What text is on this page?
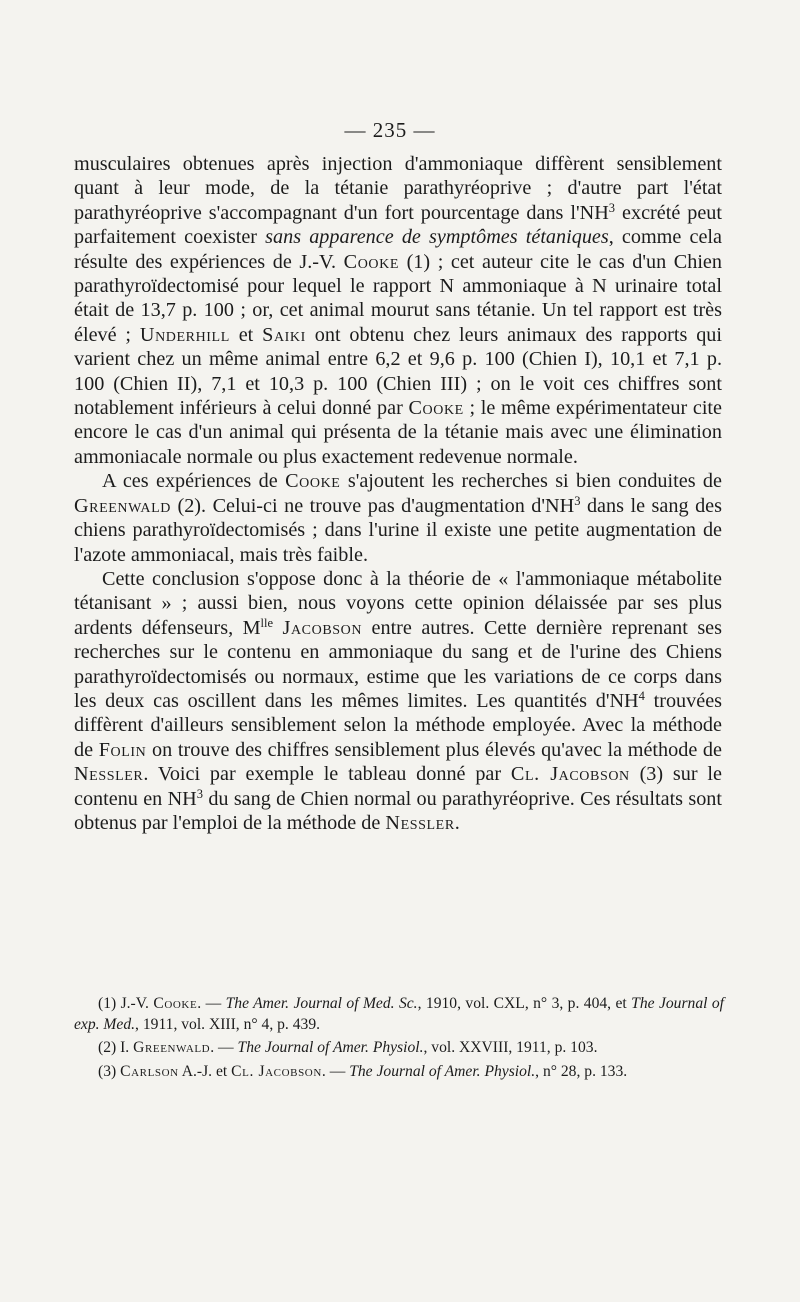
— 235 —

musculaires obtenues après injection d'ammoniaque diffèrent sensiblement quant à leur mode, de la tétanie parathyréoprive ; d'autre part l'état parathyréoprive s'accompagnant d'un fort pourcentage dans $l'NH^3$ excrété peut parfaitement coexister sans apparence de symptômes tétaniques, comme cela résulte des expériences de J.-V. Cooke (1) ; cet auteur cite le cas d'un Chien parathyroïdectomisé pour lequel le rapport N ammoniaque à N urinaire total était de 13,7 p. 100 ; or, cet animal mourut sans tétanie. Un tel rapport est très élevé ; Underhill et Saiki ont obtenu chez leurs animaux des rapports qui varient chez un même animal entre 6,2 et 9,6 p. 100 (Chien I), 10,1 et 7,1 p. 100 (Chien II), 7,1 et 10,3 p. 100 (Chien III) ; on le voit ces chiffres sont notablement inférieurs à celui donné par Cooke ; le même expérimentateur cite encore le cas d'un animal qui présenta de la tétanie mais avec une élimination ammoniacale normale ou plus exactement redevenue normale.

A ces expériences de Cooke s'ajoutent les recherches si bien conduites de Greenwald (2). Celui-ci ne trouve pas d'augmentation $d'NH^3$ dans le sang des chiens parathyroïdectomisés ; dans l'urine il existe une petite augmentation de l'azote ammoniacal, mais très faible.

Cette conclusion s'oppose donc à la théorie de « l'ammoniaque métabolite tétanisant » ; aussi bien, nous voyons cette opinion délaissée par ses plus ardents défenseurs, $M^{lle}$ Jacobson entre autres. Cette dernière reprenant ses recherches sur le contenu en ammoniaque du sang et de l'urine des Chiens parathyroïdectomisés ou normaux, estime que les variations de ce corps dans les deux cas oscillent dans les mêmes limites. Les quantités $d'NH^4$ trouvées diffèrent d'ailleurs sensiblement selon la méthode employée. Avec la méthode de Folin on trouve des chiffres sensiblement plus élevés qu'avec la méthode de Nessler. Voici par exemple le tableau donné par Cl. Jacobson (3) sur le contenu en $NH^3$ du sang de Chien normal ou parathyréoprive. Ces résultats sont obtenus par l'emploi de la méthode de Nessler.

(1) J.-V. Cooke. — The Amer. Journal of Med. Sc., 1910, vol. CXL, n° 3, p. 404, et The Journal of exp. Med., 1911, vol. XIII, n° 4, p. 439.

(2) I. Greenwald. — The Journal of Amer. Physiol., vol. XXVIII, 1911, p. 103.

(3) Carlson A.-J. et Cl. Jacobson. — The Journal of Amer. Physiol., n° 28, p. 133.
